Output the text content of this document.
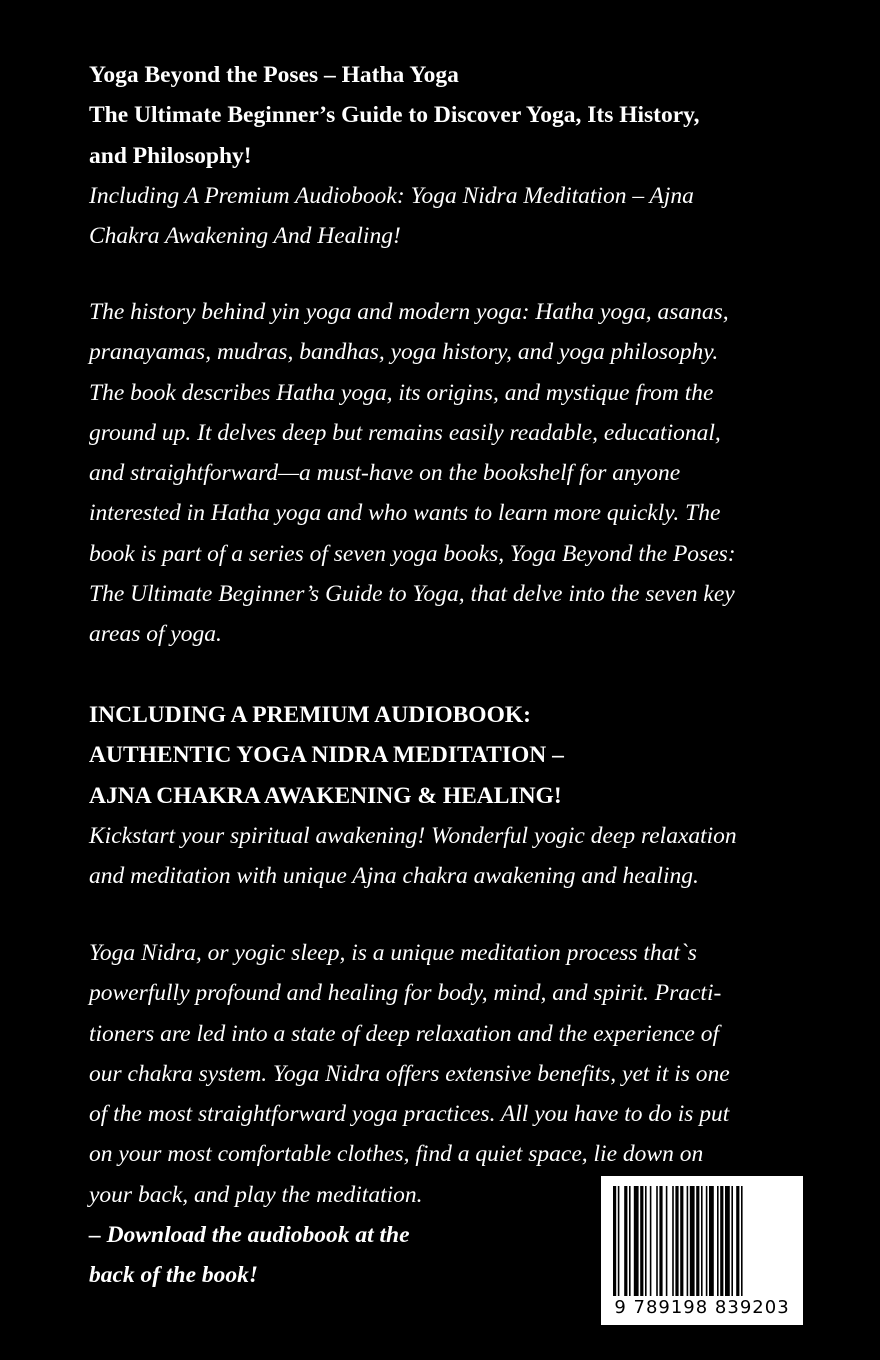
Yoga Beyond the Poses – Hatha Yoga
The Ultimate Beginner’s Guide to Discover Yoga, Its History,
and Philosophy!
Including A Premium Audiobook: Yoga Nidra Meditation – Ajna
Chakra Awakening And Healing!
The history behind yin yoga and modern yoga: Hatha yoga, asanas,
pranayamas, mudras, bandhas, yoga history, and yoga philosophy.
The book describes Hatha yoga, its origins, and mystique from the
ground up. It delves deep but remains easily readable, educational,
and straightforward—a must-have on the bookshelf for anyone
interested in Hatha yoga and who wants to learn more quickly. The
book is part of a series of seven yoga books, Yoga Beyond the Poses:
The Ultimate Beginner’s Guide to Yoga, that delve into the seven key
areas of yoga.
INCLUDING A PREMIUM AUDIOBOOK:
AUTHENTIC YOGA NIDRA MEDITATION –
AJNA CHAKRA AWAKENING & HEALING!
Kickstart your spiritual awakening! Wonderful yogic deep relaxation
and meditation with unique Ajna chakra awakening and healing.
Yoga Nidra, or yogic sleep, is a unique meditation process that`s
powerfully profound and healing for body, mind, and spirit. Practi-
tioners are led into a state of deep relaxation and the experience of
our chakra system. Yoga Nidra offers extensive benefits, yet it is one
of the most straightforward yoga practices. All you have to do is put
on your most comfortable clothes, find a quiet space, lie down on
your back, and play the meditation.
– Download the audiobook at the
back of the book!
9 789198 839203
